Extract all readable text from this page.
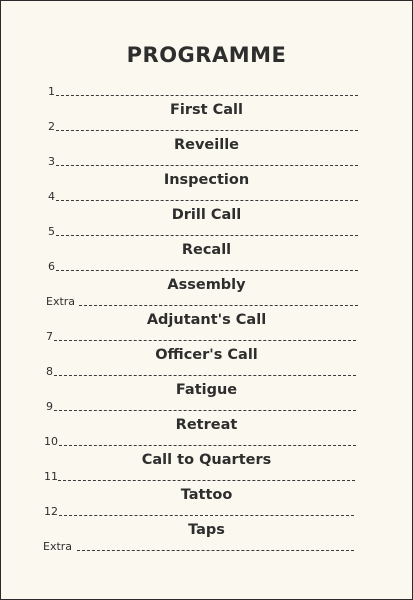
PROGRAMME
1
First Call
2
Reveille
3
Inspection
4
Drill Call
5
Recall
6
Assembly
Extra
Adjutant's Call
7
Officer's Call
8
Fatigue
9
Retreat
10
Call to Quarters
11
Tattoo
12
Taps
Extra
